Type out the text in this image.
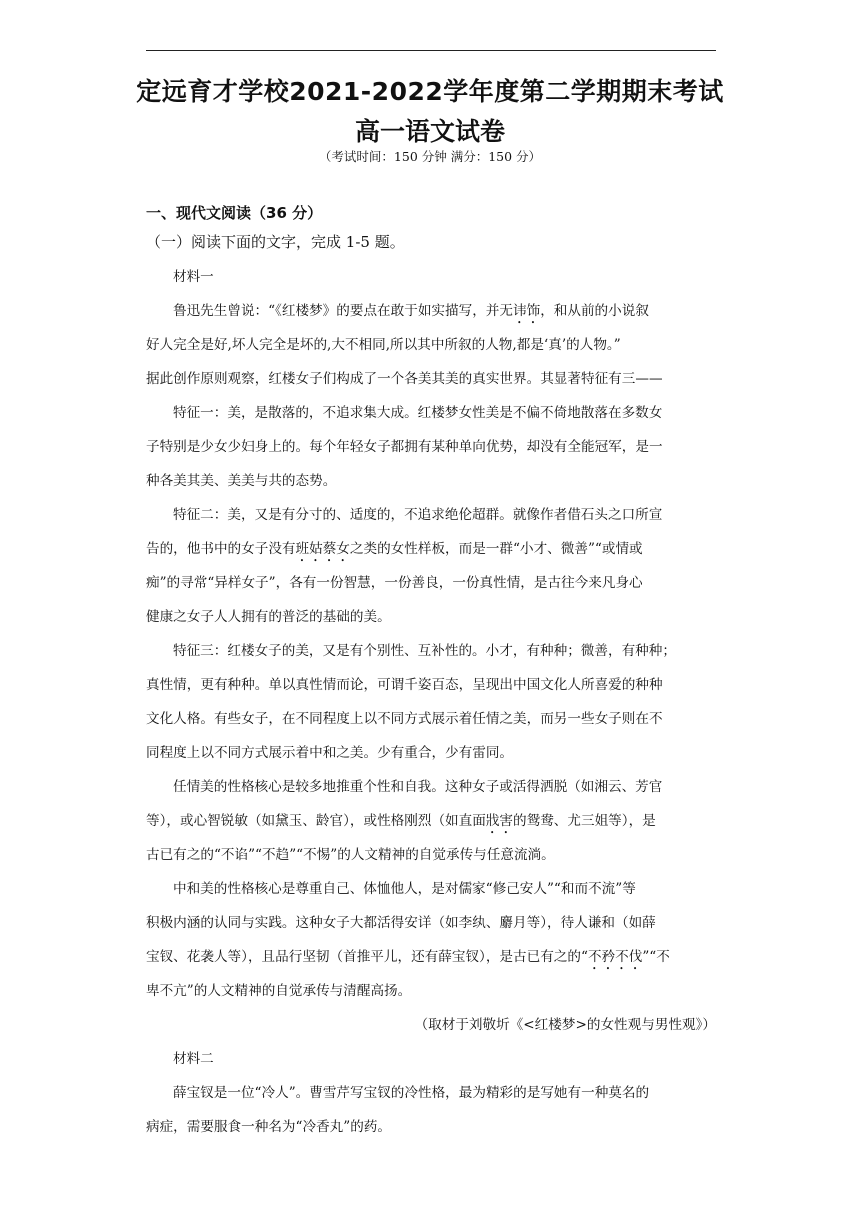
定远育才学校2021-2022学年度第二学期期末考试
高一语文试卷
（考试时间：150 分钟 满分：150 分）
一、现代文阅读（36 分）
（一）阅读下面的文字，完成 1-5 题。
材料一
鲁迅先生曾说：“《红楼梦》的要点在敢于如实描写，并无讳饰，和从前的小说叙
好人完全是好,坏人完全是坏的,大不相同,所以其中所叙的人物,都是‘真’的人物。”
据此创作原则观察，红楼女子们构成了一个各美其美的真实世界。其显著特征有三——
特征一：美，是散落的，不追求集大成。红楼梦女性美是不偏不倚地散落在多数女
子特别是少女少妇身上的。每个年轻女子都拥有某种单向优势，却没有全能冠军，是一
种各美其美、美美与共的态势。
特征二：美，又是有分寸的、适度的，不追求绝伦超群。就像作者借石头之口所宣
告的，他书中的女子没有班姑蔡女之类的女性样板，而是一群“小才、微善”“或情或
痴”的寻常“异样女子”，各有一份智慧，一份善良，一份真性情，是古往今来凡身心
健康之女子人人拥有的普泛的基础的美。
特征三：红楼女子的美，又是有个别性、互补性的。小才，有种种；微善，有种种；
真性情，更有种种。单以真性情而论，可谓千姿百态，呈现出中国文化人所喜爱的种种
文化人格。有些女子，在不同程度上以不同方式展示着任情之美，而另一些女子则在不
同程度上以不同方式展示着中和之美。少有重合，少有雷同。
任情美的性格核心是较多地推重个性和自我。这种女子或活得洒脱（如湘云、芳官
等），或心智锐敏（如黛玉、龄官），或性格刚烈（如直面戕害的鸳鸯、尤三姐等），是
古已有之的“不谄”“不趋”“不惕”的人文精神的自觉承传与任意流淌。
中和美的性格核心是尊重自己、体恤他人，是对儒家“修己安人”“和而不流”等
积极内涵的认同与实践。这种女子大都活得安详（如李纨、麝月等），待人谦和（如薛
宝钗、花袭人等），且品行坚韧（首推平儿，还有薛宝钗），是古已有之的“不矜不伐”“不
卑不亢”的人文精神的自觉承传与清醒高扬。
（取材于刘敬圻《<红楼梦>的女性观与男性观》）
材料二
薛宝钗是一位“冷人”。曹雪芹写宝钗的冷性格，最为精彩的是写她有一种莫名的
病症，需要服食一种名为“冷香丸”的药。
